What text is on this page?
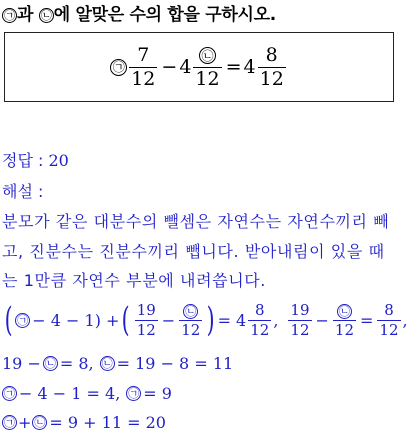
㉠ 과 ㉡ 에 알맞은 수의 합을 구하시오.
㉠ $\frac{7}{12} - 4 \frac{㉡}{12} = 4 \frac{8}{12}$
정답 : 20
해설 :
분모가 같은 대분수의 뺄셈은 자연수는 자연수끼리 빼
고, 진분수는 진분수끼리 뺍니다. 받아내림이 있을 때
는 1만큼 자연수 부분에 내려씁니다.
( ㉠ − 4 − 1) + ( $\frac{19}{12} - \frac{㉡}{12}$ ) = $4 \frac{8}{12}$ , $\frac{19}{12} - \frac{㉡}{12} = \frac{8}{12}$ ,
19 − ㉡ = 8, ㉡ = 19 − 8 = 11
㉠ − 4 − 1 = 4, ㉠ = 9
㉠ + ㉡ = 9 + 11 = 20
